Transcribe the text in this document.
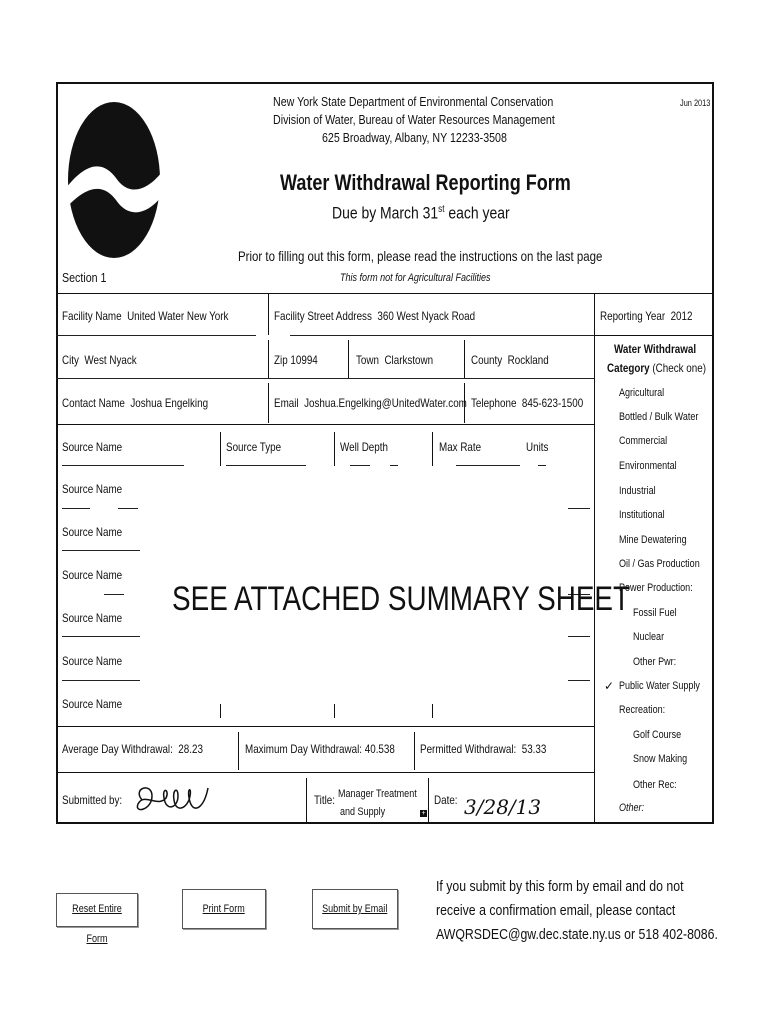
New York State Department of Environmental Conservation
Division of Water, Bureau of Water Resources Management
625 Broadway, Albany, NY 12233-3508
Jun 2013
Water Withdrawal Reporting Form
Due by March 31st each year
Prior to filling out this form, please read the instructions on the last page
This form not for Agricultural Facilities
Section 1
Facility Name United Water New York	Facility Street Address 360 West Nyack Road	Reporting Year 2012
City West Nyack	Zip 10994	Town Clarkstown	County Rockland
Contact Name Joshua Engelking	Email Joshua.Engelking@UnitedWater.com Telephone 845-623-1500
Source Name	Source Type	Well Depth	Max Rate	Units
Source Name
Source Name
Source Name
Source Name
Source Name
Source Name
SEE ATTACHED SUMMARY SHEET
Average Day Withdrawal: 28.23	Maximum Day Withdrawal: 40.538 Permitted Withdrawal: 53.33
Submitted by:	Title: Manager Treatment
and Supply	+
Date: 3/28/13
Water Withdrawal
Category (Check one)
Agricultural
Bottled / Bulk Water
Commercial
Environmental
Industrial
Institutional
Mine Dewatering
Oil / Gas Production
Power Production:
Fossil Fuel
Nuclear
Other Pwr:
Public Water Supply
Recreation:
Golf Course
Snow Making
Other Rec:
Other:
✓
Reset Entire Form
Print Form	Submit by Email
If you submit by this form by email and do not
receive a confirmation email, please contact
AWQRSDEC@gw.dec.state.ny.us or 518 402-8086.
